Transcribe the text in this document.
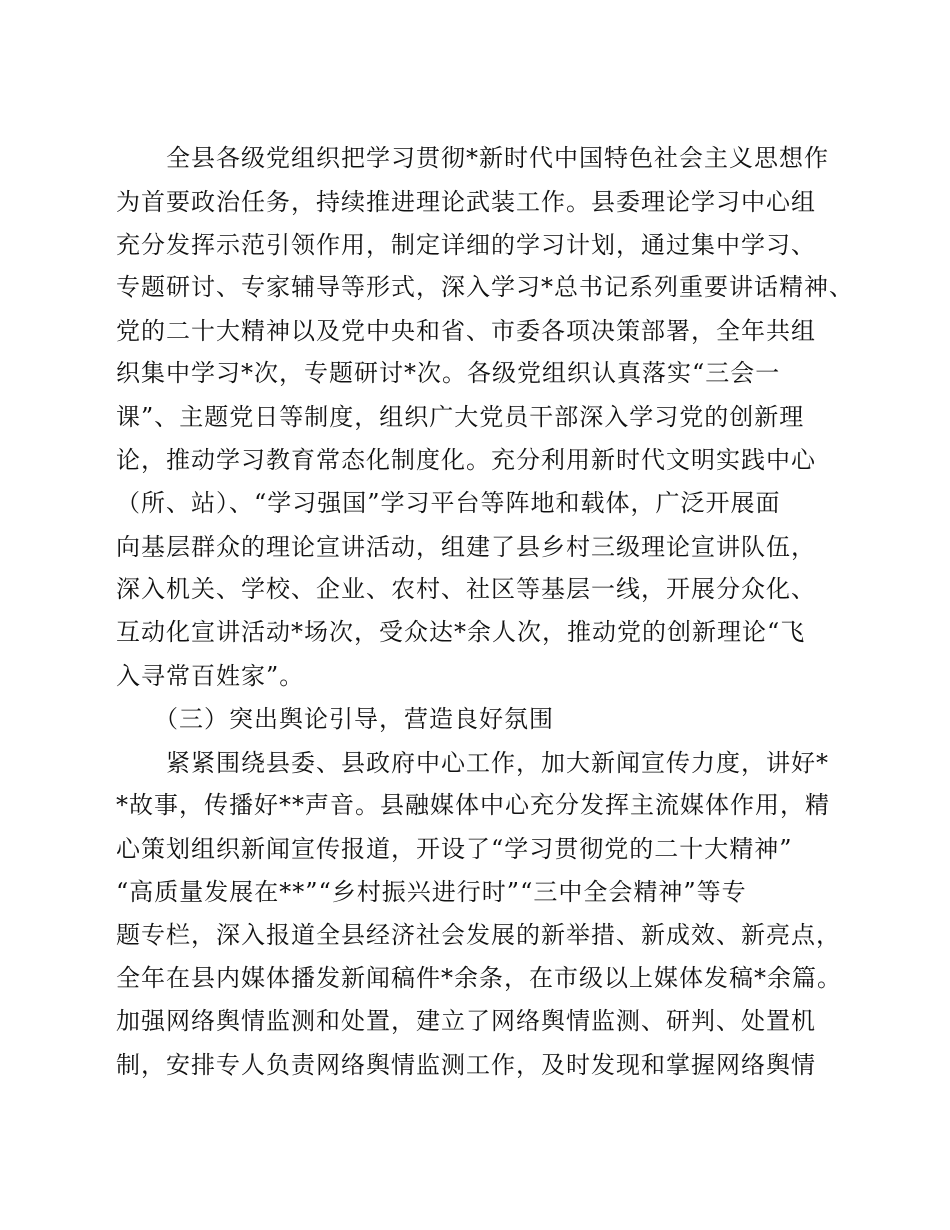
　　全县各级党组织把学习贯彻*新时代中国特色社会主义思想作
为首要政治任务，持续推进理论武装工作。县委理论学习中心组
充分发挥示范引领作用，制定详细的学习计划，通过集中学习、
专题研讨、专家辅导等形式，深入学习*总书记系列重要讲话精神、
党的二十大精神以及党中央和省、市委各项决策部署，全年共组
织集中学习*次，专题研讨*次。各级党组织认真落实“三会一
课”、主题党日等制度，组织广大党员干部深入学习党的创新理
论，推动学习教育常态化制度化。充分利用新时代文明实践中心
（所、站）、“学习强国”学习平台等阵地和载体，广泛开展面
向基层群众的理论宣讲活动，组建了县乡村三级理论宣讲队伍，
深入机关、学校、企业、农村、社区等基层一线，开展分众化、
互动化宣讲活动*场次，受众达*余人次，推动党的创新理论“飞
入寻常百姓家”。
　　（三）突出舆论引导，营造良好氛围
　　紧紧围绕县委、县政府中心工作，加大新闻宣传力度，讲好*
*故事，传播好**声音。县融媒体中心充分发挥主流媒体作用，精
心策划组织新闻宣传报道，开设了“学习贯彻党的二十大精神”
“高质量发展在**”“乡村振兴进行时”“三中全会精神”等专
题专栏，深入报道全县经济社会发展的新举措、新成效、新亮点，
全年在县内媒体播发新闻稿件*余条，在市级以上媒体发稿*余篇。
加强网络舆情监测和处置，建立了网络舆情监测、研判、处置机
制，安排专人负责网络舆情监测工作，及时发现和掌握网络舆情
